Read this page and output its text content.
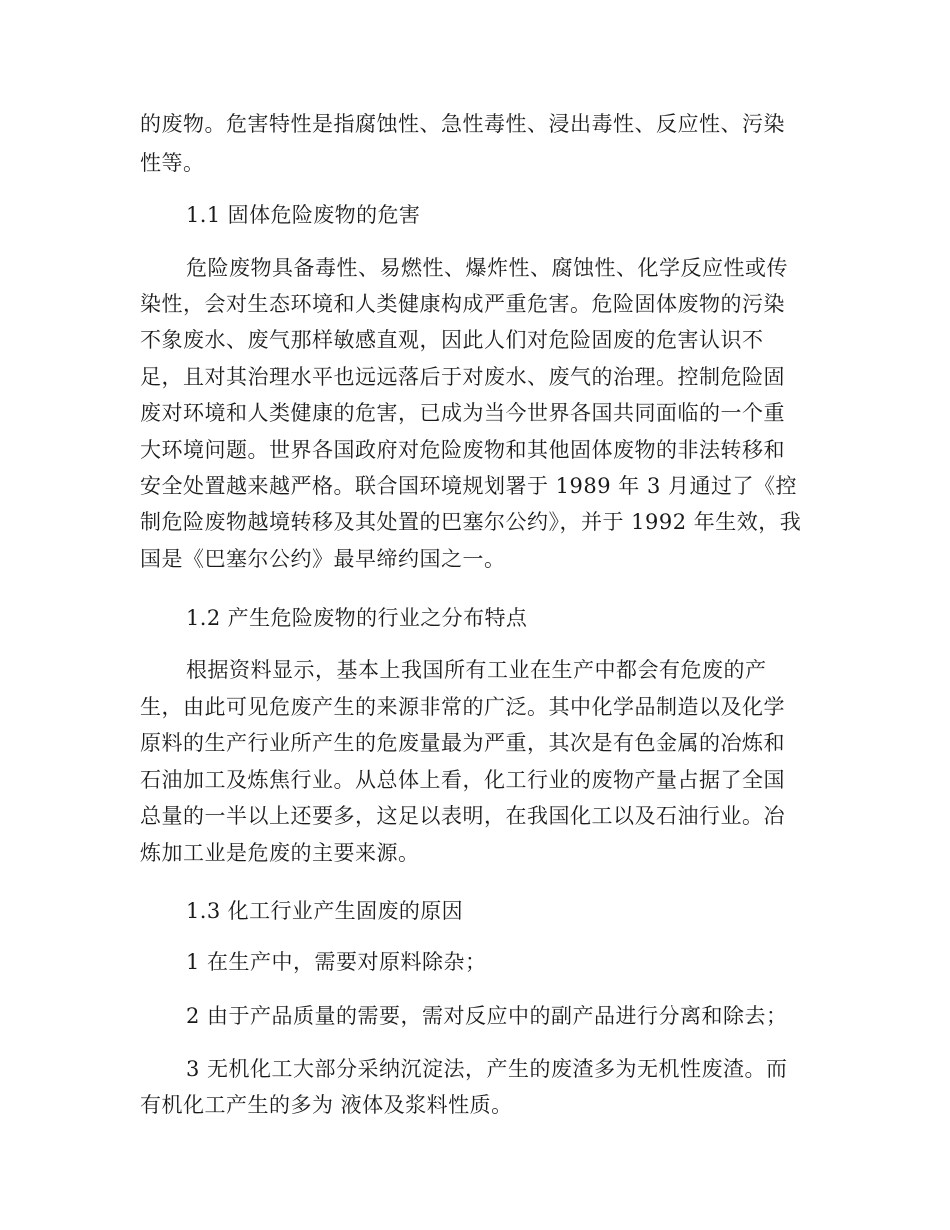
的废物。危害特性是指腐蚀性、急性毒性、浸出毒性、反应性、污染
性等。
1.1 固体危险废物的危害
危险废物具备毒性、易燃性、爆炸性、腐蚀性、化学反应性或传
染性，会对生态环境和人类健康构成严重危害。危险固体废物的污染
不象废水、废气那样敏感直观，因此人们对危险固废的危害认识不
足，且对其治理水平也远远落后于对废水、废气的治理。控制危险固
废对环境和人类健康的危害，已成为当今世界各国共同面临的一个重
大环境问题。世界各国政府对危险废物和其他固体废物的非法转移和
安全处置越来越严格。联合国环境规划署于 1989 年 3 月通过了《控
制危险废物越境转移及其处置的巴塞尔公约》，并于 1992 年生效，我
国是《巴塞尔公约》最早缔约国之一。
1.2 产生危险废物的行业之分布特点
根据资料显示，基本上我国所有工业在生产中都会有危废的产
生，由此可见危废产生的来源非常的广泛。其中化学品制造以及化学
原料的生产行业所产生的危废量最为严重，其次是有色金属的冶炼和
石油加工及炼焦行业。从总体上看，化工行业的废物产量占据了全国
总量的一半以上还要多，这足以表明，在我国化工以及石油行业。冶
炼加工业是危废的主要来源。
1.3 化工行业产生固废的原因
1 在生产中，需要对原料除杂；
2 由于产品质量的需要，需对反应中的副产品进行分离和除去；
3 无机化工大部分采纳沉淀法，产生的废渣多为无机性废渣。而
有机化工产生的多为 液体及浆料性质。
